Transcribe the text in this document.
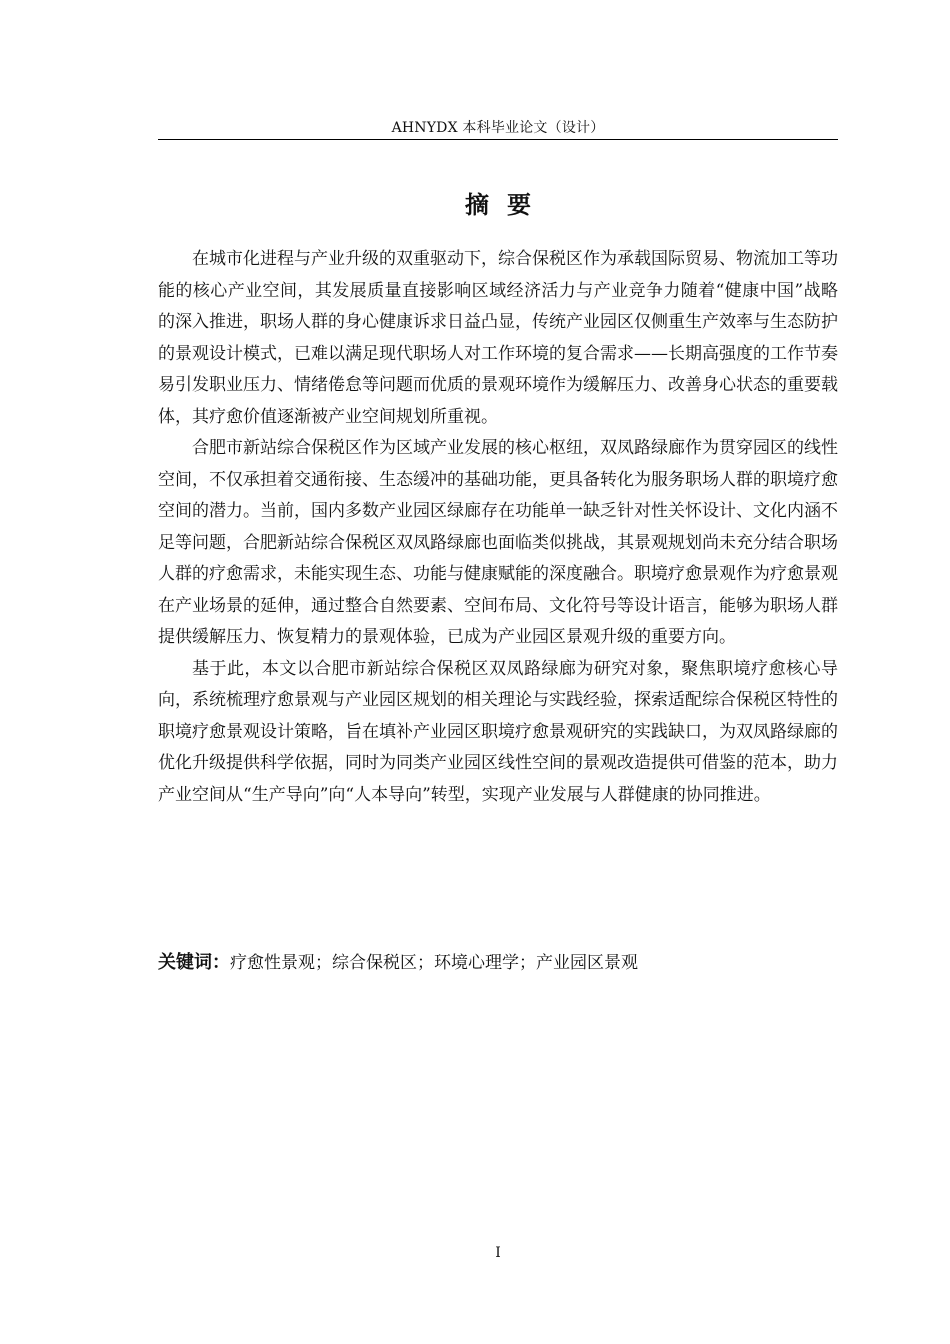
AHNYDX 本科毕业论文（设计）
摘要

在城市化进程与产业升级的双重驱动下，综合保税区作为承载国际贸易、物流加工等功能的核心产业空间，其发展质量直接影响区域经济活力与产业竞争力随着“健康中国”战略的深入推进，职场人群的身心健康诉求日益凸显，传统产业园区仅侧重生产效率与生态防护的景观设计模式，已难以满足现代职场人对工作环境的复合需求——长期高强度的工作节奏易引发职业压力、情绪倦怠等问题而优质的景观环境作为缓解压力、改善身心状态的重要载体，其疗愈价值逐渐被产业空间规划所重视。

合肥市新站综合保税区作为区域产业发展的核心枢纽，双凤路绿廊作为贯穿园区的线性空间，不仅承担着交通衔接、生态缓冲的基础功能，更具备转化为服务职场人群的职境疗愈空间的潜力。当前，国内多数产业园区绿廊存在功能单一缺乏针对性关怀设计、文化内涵不足等问题，合肥新站综合保税区双凤路绿廊也面临类似挑战，其景观规划尚未充分结合职场人群的疗愈需求，未能实现生态、功能与健康赋能的深度融合。职境疗愈景观作为疗愈景观在产业场景的延伸，通过整合自然要素、空间布局、文化符号等设计语言，能够为职场人群提供缓解压力、恢复精力的景观体验，已成为产业园区景观升级的重要方向。

基于此，本文以合肥市新站综合保税区双凤路绿廊为研究对象，聚焦职境疗愈核心导向，系统梳理疗愈景观与产业园区规划的相关理论与实践经验，探索适配综合保税区特性的职境疗愈景观设计策略，旨在填补产业园区职境疗愈景观研究的实践缺口，为双凤路绿廊的优化升级提供科学依据，同时为同类产业园区线性空间的景观改造提供可借鉴的范本，助力产业空间从“生产导向”向“人本导向”转型，实现产业发展与人群健康的协同推进。

关键词：疗愈性景观；综合保税区；环境心理学；产业园区景观
I
